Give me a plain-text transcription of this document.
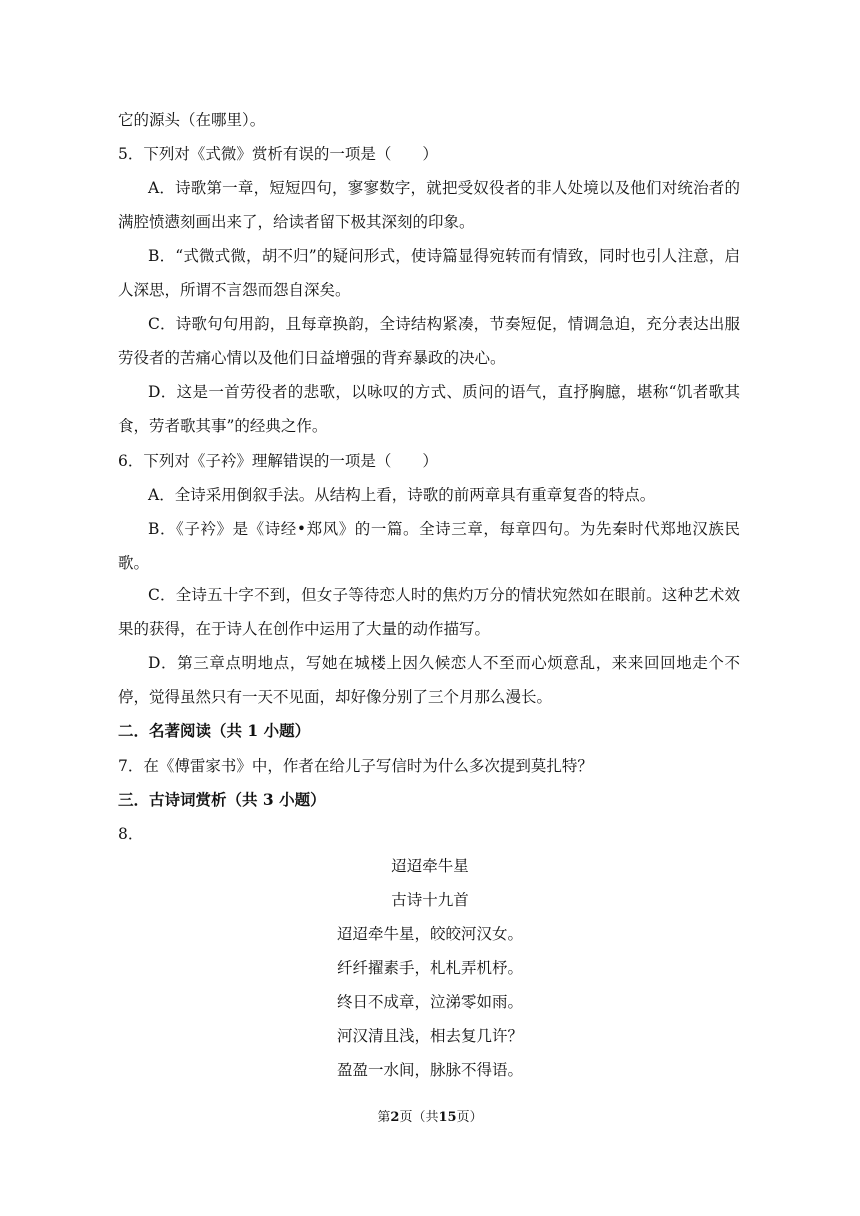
它的源头（在哪里）。
5．下列对《式微》赏析有误的一项是（　　）
A．诗歌第一章，短短四句，寥寥数字，就把受奴役者的非人处境以及他们对统治者的满腔愤懑刻画出来了，给读者留下极其深刻的印象。
B．“式微式微，胡不归”的疑问形式，使诗篇显得宛转而有情致，同时也引人注意，启人深思，所谓不言怨而怨自深矣。
C．诗歌句句用韵，且每章换韵，全诗结构紧凑，节奏短促，情调急迫，充分表达出服劳役者的苦痛心情以及他们日益增强的背弃暴政的决心。
D．这是一首劳役者的悲歌，以咏叹的方式、质问的语气，直抒胸臆，堪称“饥者歌其食，劳者歌其事”的经典之作。
6．下列对《子衿》理解错误的一项是（　　）
A．全诗采用倒叙手法。从结构上看，诗歌的前两章具有重章复沓的特点。
B．《子衿》是《诗经•郑风》的一篇。全诗三章，每章四句。为先秦时代郑地汉族民歌。
C．全诗五十字不到，但女子等待恋人时的焦灼万分的情状宛然如在眼前。这种艺术效果的获得，在于诗人在创作中运用了大量的动作描写。
D．第三章点明地点，写她在城楼上因久候恋人不至而心烦意乱，来来回回地走个不停，觉得虽然只有一天不见面，却好像分别了三个月那么漫长。
二．名著阅读（共 1 小题）
7．在《傅雷家书》中，作者在给儿子写信时为什么多次提到莫扎特？
三．古诗词赏析（共 3 小题）
8．
迢迢牵牛星
古诗十九首
迢迢牵牛星，皎皎河汉女。
纤纤擢素手，札札弄机杼。
终日不成章，泣涕零如雨。
河汉清且浅，相去复几许？
盈盈一水间，脉脉不得语。
第2页（共15页）
